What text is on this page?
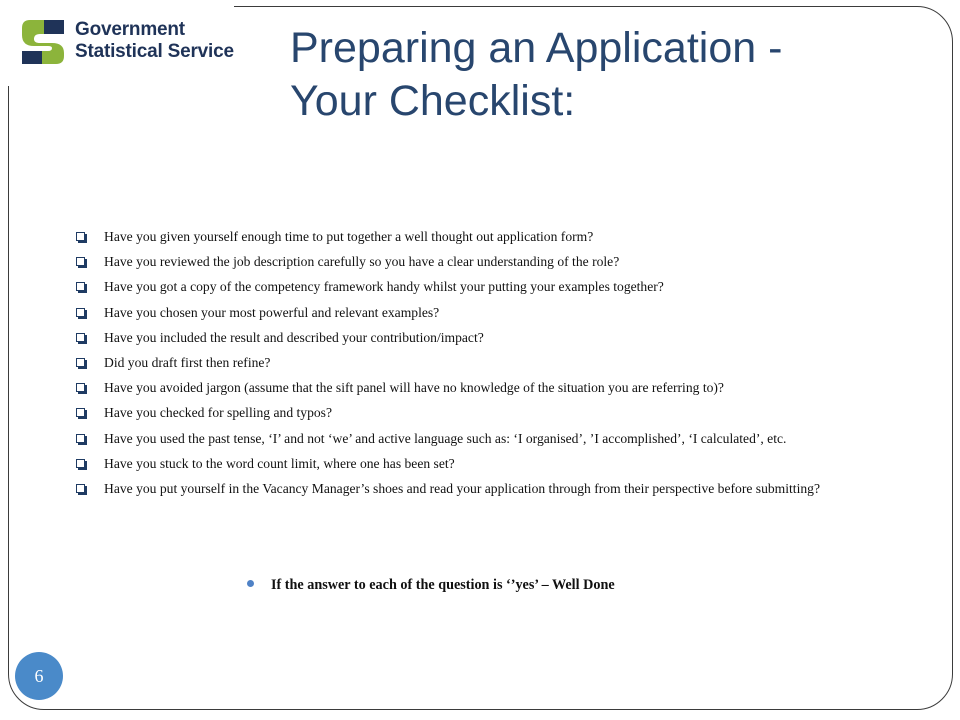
Government
Statistical Service Preparing an Application -
Your Checklist:
Have you given yourself enough time to put together a well thought out application form?
Have you reviewed the job description carefully so you have a clear understanding of the role?
Have you got a copy of the competency framework handy whilst your putting your examples together?
Have you chosen your most powerful and relevant examples?
Have you included the result and described your contribution/impact?
Did you draft first then refine?
Have you avoided jargon (assume that the sift panel will have no knowledge of the situation you are referring to)?
Have you checked for spelling and typos?
Have you used the past tense, ‘I’ and not ‘we’ and active language such as: ‘I organised’, ’I accomplished’, ‘I calculated’, etc.
Have you stuck to the word count limit, where one has been set?
Have you put yourself in the Vacancy Manager’s shoes and read your application through from their perspective before submitting?
If the answer to each of the question is ‘’yes’ – Well Done
6
